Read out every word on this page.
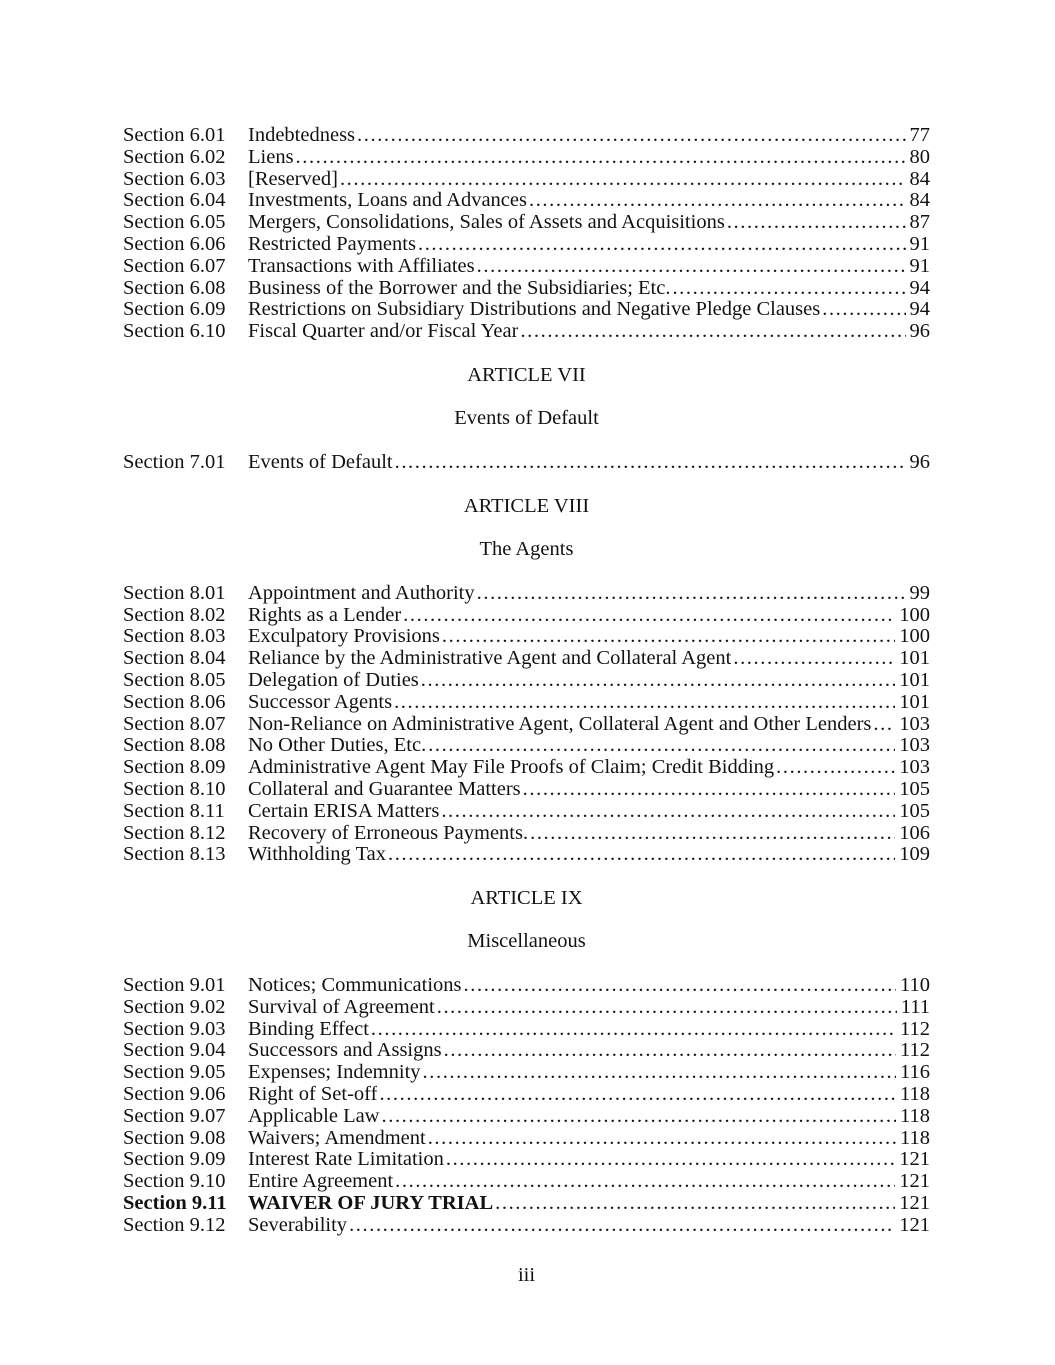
Section 6.01	Indebtedness .....	77
Section 6.02	Liens .....	80
Section 6.03	[Reserved] .....	84
Section 6.04	Investments, Loans and Advances .....	84
Section 6.05	Mergers, Consolidations, Sales of Assets and Acquisitions .....	87
Section 6.06	Restricted Payments .....	91
Section 6.07	Transactions with Affiliates .....	91
Section 6.08	Business of the Borrower and the Subsidiaries; Etc. .....	94
Section 6.09	Restrictions on Subsidiary Distributions and Negative Pledge Clauses .....	94
Section 6.10	Fiscal Quarter and/or Fiscal Year .....	96
ARTICLE VII
Events of Default
Section 7.01	Events of Default .....	96
ARTICLE VIII
The Agents
Section 8.01	Appointment and Authority .....	99
Section 8.02	Rights as a Lender .....	100
Section 8.03	Exculpatory Provisions .....	100
Section 8.04	Reliance by the Administrative Agent and Collateral Agent .....	101
Section 8.05	Delegation of Duties .....	101
Section 8.06	Successor Agents .....	101
Section 8.07	Non-Reliance on Administrative Agent, Collateral Agent and Other Lenders ..... 103
Section 8.08	No Other Duties, Etc. .....	103
Section 8.09	Administrative Agent May File Proofs of Claim; Credit Bidding .....	103
Section 8.10	Collateral and Guarantee Matters .....	105
Section 8.11	Certain ERISA Matters .....	105
Section 8.12	Recovery of Erroneous Payments. .....	106
Section 8.13	Withholding Tax .....	109
ARTICLE IX
Miscellaneous
Section 9.01	Notices; Communications .....	110
Section 9.02	Survival of Agreement .....	111
Section 9.03	Binding Effect .....	112
Section 9.04	Successors and Assigns .....	112
Section 9.05	Expenses; Indemnity .....	116
Section 9.06	Right of Set-off .....	118
Section 9.07	Applicable Law .....	118
Section 9.08	Waivers; Amendment .....	118
Section 9.09	Interest Rate Limitation .....	121
Section 9.10	Entire Agreement .....	121
Section 9.11	WAIVER OF JURY TRIAL .....	121
Section 9.12	Severability .....	121
iii
